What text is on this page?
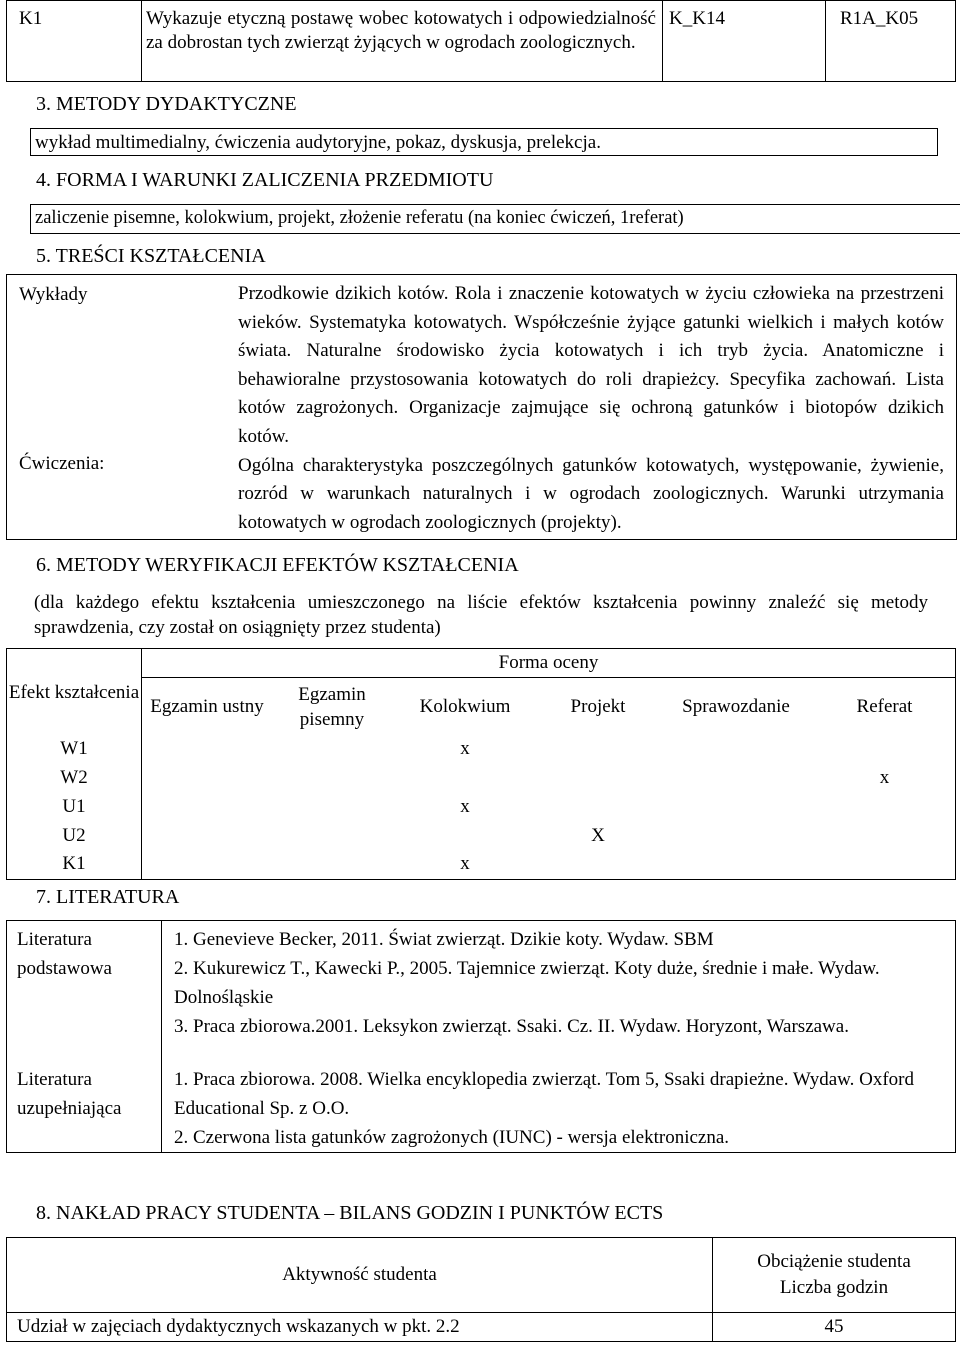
K1	Wykazuje etyczną postawę wobec kotowatych i odpowiedzialność za dobrostan tych zwierząt żyjących w ogrodach zoologicznych.	K_K14	R1A_K05
3. METODY DYDAKTYCZNE
wykład multimedialny, ćwiczenia audytoryjne, pokaz, dyskusja, prelekcja.
4. FORMA I WARUNKI ZALICZENIA PRZEDMIOTU
zaliczenie pisemne, kolokwium, projekt, złożenie referatu (na koniec ćwiczeń, 1referat)
5. TREŚCI KSZTAŁCENIA
Wykłady	Przodkowie dzikich kotów. Rola i znaczenie kotowatych w życiu człowieka na przestrzeni wieków. Systematyka kotowatych. Współcześnie żyjące gatunki wielkich i małych kotów świata. Naturalne środowisko życia kotowatych i ich tryb życia. Anatomiczne i behawioralne przystosowania kotowatych do roli drapieżcy. Specyfika zachowań. Lista kotów zagrożonych. Organizacje zajmujące się ochroną gatunków i biotopów dzikich kotów.
Ćwiczenia:	Ogólna charakterystyka poszczególnych gatunków kotowatych, występowanie, żywienie, rozród w warunkach naturalnych i w ogrodach zoologicznych. Warunki utrzymania kotowatych w ogrodach zoologicznych (projekty).
6. METODY WERYFIKACJI EFEKTÓW KSZTAŁCENIA
(dla każdego efektu kształcenia umieszczonego na liście efektów kształcenia powinny znaleźć się metody sprawdzenia, czy został on osiągnięty przez studenta)
Efekt kształcenia	Forma oceny					
	Egzamin ustny	Egzamin pisemny	Kolokwium	Projekt	Sprawozdanie	Referat
W1			x			
W2						x
U1			x			
U2				X		
K1			x			
7. LITERATURA
Literatura podstawowa	1. Genevieve Becker, 2011. Świat zwierząt. Dzikie koty. Wydaw. SBM
2. Kukurewicz T., Kawecki P., 2005. Tajemnice zwierząt. Koty duże, średnie i małe. Wydaw. Dolnośląskie
3. Praca zbiorowa.2001. Leksykon zwierząt. Ssaki. Cz. II. Wydaw. Horyzont, Warszawa.

Literatura uzupełniająca	1. Praca zbiorowa. 2008. Wielka encyklopedia zwierząt. Tom 5, Ssaki drapieżne. Wydaw. Oxford Educational Sp. z O.O.
2. Czerwona lista gatunków zagrożonych (IUNC) - wersja elektroniczna.
8. NAKŁAD PRACY STUDENTA – BILANS GODZIN I PUNKTÓW ECTS
Aktywność studenta	Obciążenie studenta
Liczba godzin

Udział w zajęciach dydaktycznych wskazanych w pkt. 2.2	45
